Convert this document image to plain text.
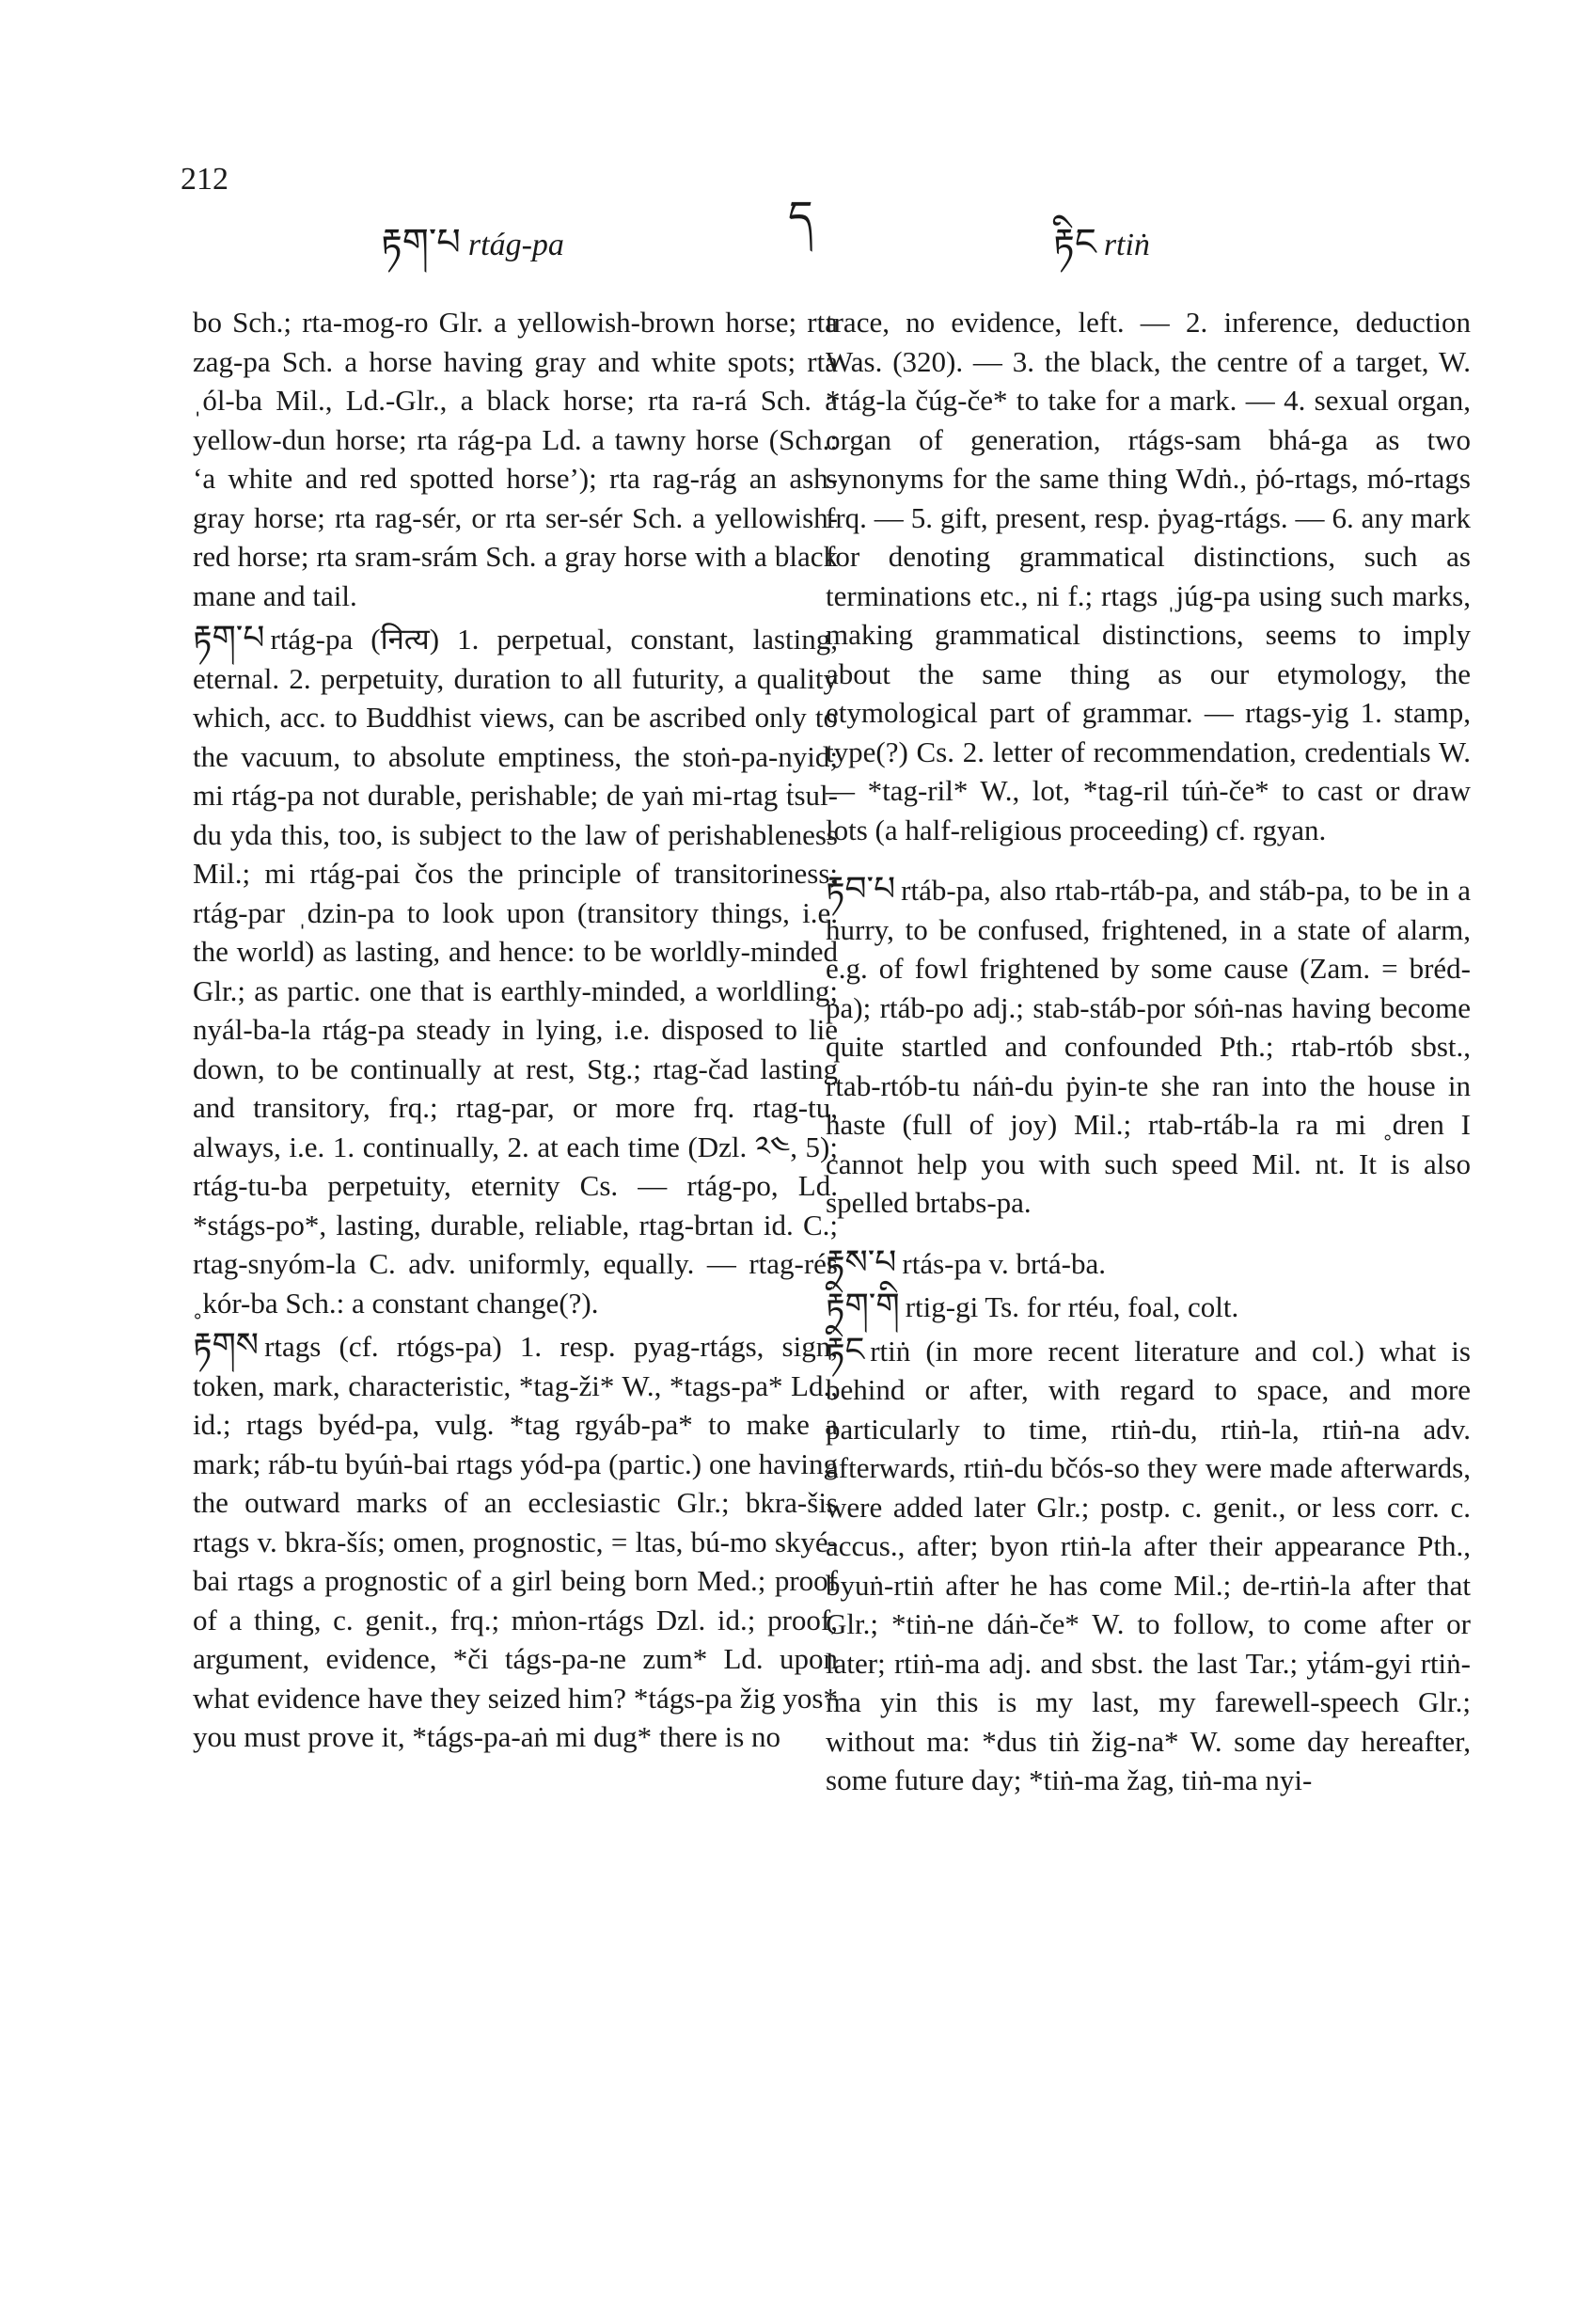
212
རྟག་པ rtág-pa
ད
རྟིང rtiṅ

bo Sch.; rta-mog-ro Glr. a yellowish-brown horse; rta zag-pa Sch. a horse having gray and white spots; rta ˌól-ba Mil., Ld.-Glr., a black horse; rta ra-rá Sch. a yellow-dun horse; rta rág-pa Ld. a tawny horse (Sch.: ‘a white and red spotted horse’); rta rag-rág an ash-gray horse; rta rag-sér, or rta ser-sér Sch. a yellowish-red horse; rta sram-srám Sch. a gray horse with a black mane and tail.

རྟག་པ rtág-pa (नित्य) 1. perpetual, constant, lasting, eternal. 2. perpetuity, duration to all futurity, a quality which, acc. to Buddhist views, can be ascribed only to the vacuum, to absolute emptiness, the stoṅ-pa-nyid; mi rtág-pa not durable, perishable; de yaṅ mi-rtag ṫsul-du yda this, too, is subject to the law of perishableness Mil.; mi rtág-pai čos the principle of transitoriness; rtág-par ˌdzin-pa to look upon (transitory things, i.e. the world) as lasting, and hence: to be worldly-minded Glr.; as partic. one that is earthly-minded, a worldling; nyál-ba-la rtág-pa steady in lying, i.e. disposed to lie down, to be continually at rest, Stg.; rtag-čad lasting and transitory, frq.; rtag-par, or more frq. rtag-tu, always, i.e. 1. continually, 2. at each time (Dzl. ༢༤, 5); rtág-tu-ba perpetuity, eternity Cs. — rtág-po, Ld. *stágs-po*, lasting, durable, reliable, rtag-brtan id. C.; rtag-snyóm-la C. adv. uniformly, equally. — rtag-rés ˳kór-ba Sch.: a constant change(?).

རྟགས rtags (cf. rtógs-pa) 1. resp. pyag-rtágs, sign, token, mark, characteristic, *tag-ži* W., *tags-pa* Ld., id.; rtags byéd-pa, vulg. *tag rgyáb-pa* to make a mark; ráb-tu byúṅ-bai rtags yód-pa (partic.) one having the outward marks of an ecclesiastic Glr.; bkra-šis rtags v. bkra-šís; omen, prognostic, = ltas, bú-mo skyé-bai rtags a prognostic of a girl being born Med.; proof of a thing, c. genit., frq.; mṅon-rtágs Dzl. id.; proof, argument, evidence, *či tágs-pa-ne zum* Ld. upon what evidence have they seized him? *tágs-pa žig yos* you must prove it, *tágs-pa-aṅ mi dug* there is no

trace, no evidence, left. — 2. inference, deduction Was. (320). — 3. the black, the centre of a target, W. *tág-la čúg-če* to take for a mark. — 4. sexual organ, organ of generation, rtágs-sam bhá-ga as two synonyms for the same thing Wdṅ., ṗó-rtags, mó-rtags frq. — 5. gift, present, resp. ṗyag-rtágs. — 6. any mark for denoting grammatical distinctions, such as terminations etc., ni f.; rtags ˌjúg-pa using such marks, making grammatical distinctions, seems to imply about the same thing as our etymology, the etymological part of grammar. — rtags-yig 1. stamp, type(?) Cs. 2. letter of recommendation, credentials W. — *tag-ril* W., lot, *tag-ril túṅ-če* to cast or draw lots (a half-religious proceeding) cf. rgyan.

རྟབ་པ rtáb-pa, also rtab-rtáb-pa, and stáb-pa, to be in a hurry, to be confused, frightened, in a state of alarm, e.g. of fowl frightened by some cause (Zam. = bréd-pa); rtáb-po adj.; stab-stáb-por sóṅ-nas having become quite startled and confounded Pth.; rtab-rtób sbst., rtab-rtób-tu náṅ-du ṗyin-te she ran into the house in haste (full of joy) Mil.; rtab-rtáb-la ra mi ˳dren I cannot help you with such speed Mil. nt. It is also spelled brtabs-pa.

རྟས་པ rtás-pa v. brtá-ba.

རྟིག་གི rtig-gi Ts. for rtéu, foal, colt.

རྟིང rtiṅ (in more recent literature and col.) what is behind or after, with regard to space, and more particularly to time, rtiṅ-du, rtiṅ-la, rtiṅ-na adv. afterwards, rtiṅ-du bčós-so they were made afterwards, were added later Glr.; postp. c. genit., or less corr. c. accus., after; byon rtiṅ-la after their appearance Pth., byuṅ-rtiṅ after he has come Mil.; de-rtiṅ-la after that Glr.; *tiṅ-ne dáṅ-če* W. to follow, to come after or later; rtiṅ-ma adj. and sbst. the last Tar.; yṫám-gyi rtiṅ-ma yin this is my last, my farewell-speech Glr.; without ma: *dus tiṅ žig-na* W. some day hereafter, some future day; *tiṅ-ma žag, tiṅ-ma nyi-
